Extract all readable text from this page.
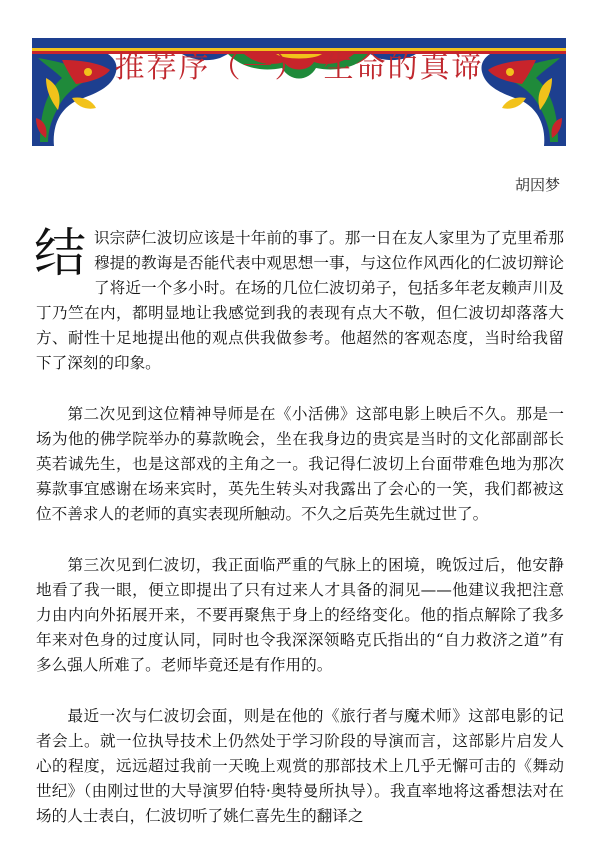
推荐序（一）　生命的真谛
胡因梦

结 识宗萨仁波切应该是十年前的事了。那一日在友人家里为了克里希那穆提的教诲是否能代表中观思想一事，与这位作风西化的仁波切辩论了将近一个多小时。在场的几位仁波切弟子，包括多年老友赖声川及丁乃竺在内，都明显地让我感觉到我的表现有点大不敬，但仁波切却落落大方、耐性十足地提出他的观点供我做参考。他超然的客观态度，当时给我留下了深刻的印象。

第二次见到这位精神导师是在《小活佛》这部电影上映后不久。那是一场为他的佛学院举办的募款晚会，坐在我身边的贵宾是当时的文化部副部长英若诚先生，也是这部戏的主角之一。我记得仁波切上台面带难色地为那次募款事宜感谢在场来宾时，英先生转头对我露出了会心的一笑，我们都被这位不善求人的老师的真实表现所触动。不久之后英先生就过世了。

第三次见到仁波切，我正面临严重的气脉上的困境，晚饭过后，他安静地看了我一眼，便立即提出了只有过来人才具备的洞见——他建议我把注意力由内向外拓展开来，不要再聚焦于身上的经络变化。他的指点解除了我多年来对色身的过度认同，同时也令我深深领略克氏指出的“自力救济之道”有多么强人所难了。老师毕竟还是有作用的。

最近一次与仁波切会面，则是在他的《旅行者与魔术师》这部电影的记者会上。就一位执导技术上仍然处于学习阶段的导演而言，这部影片启发人心的程度，远远超过我前一天晚上观赏的那部技术上几乎无懈可击的《舞动世纪》（由刚过世的大导演罗伯特·奥特曼所执导）。我直率地将这番想法对在场的人士表白，仁波切听了姚仁喜先生的翻译之
